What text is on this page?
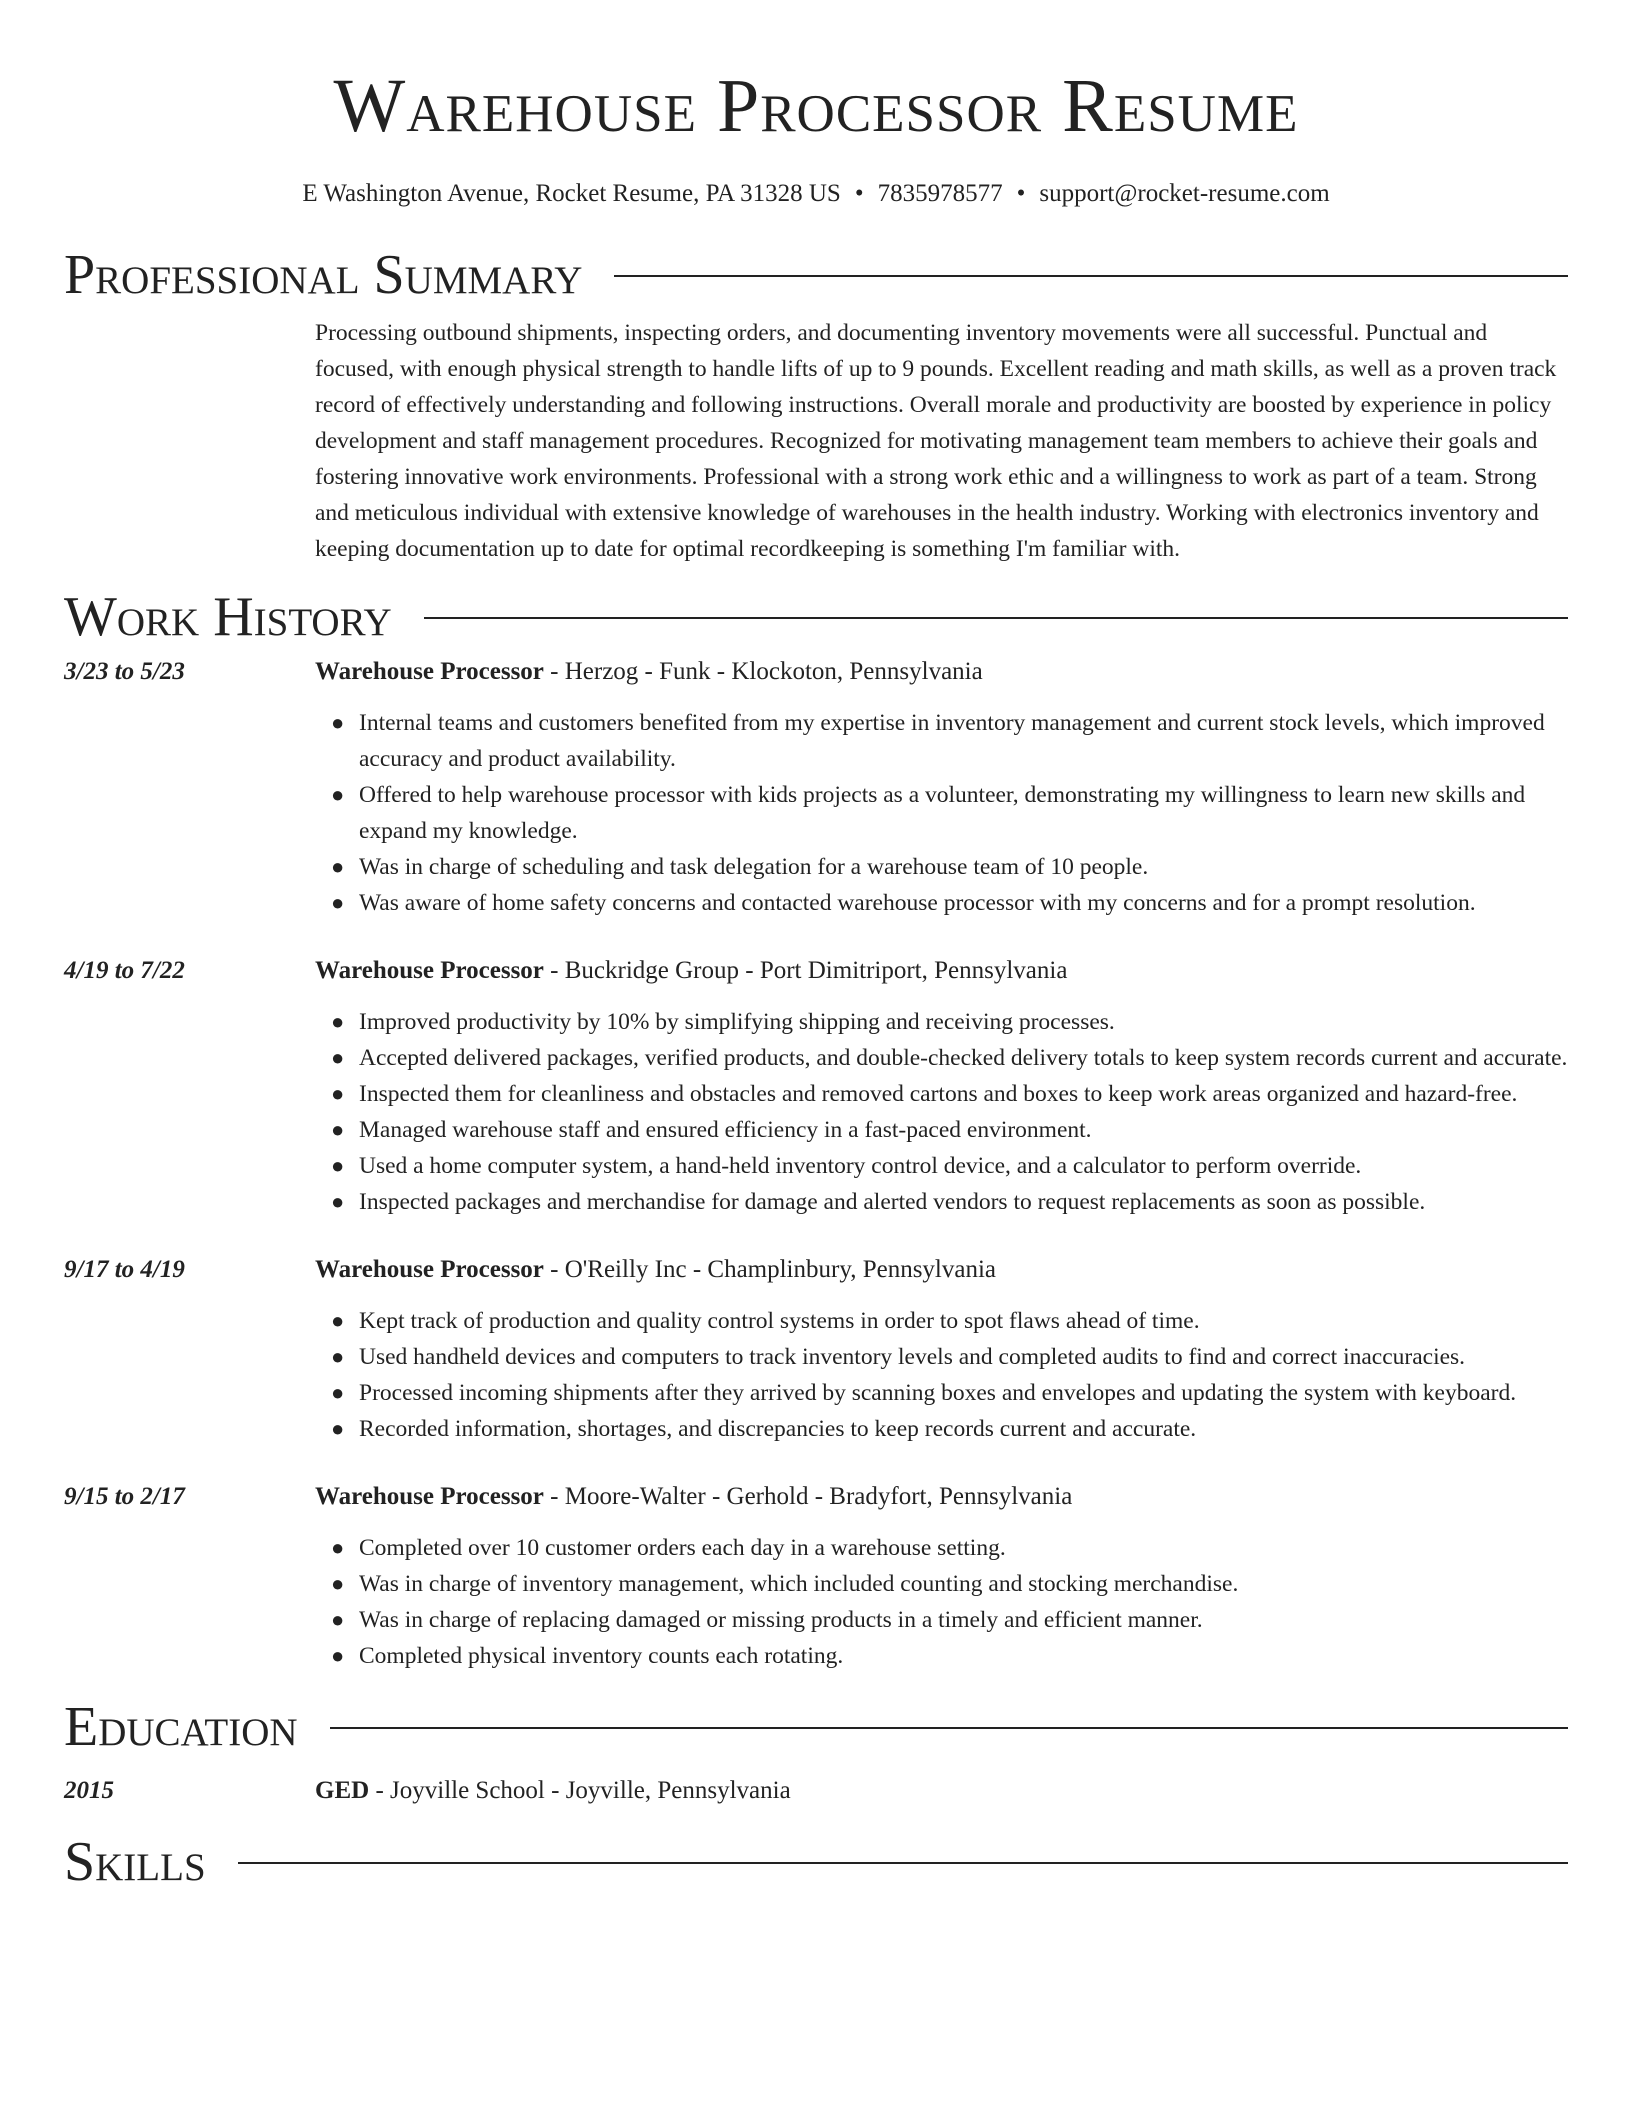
Warehouse Processor Resume
E Washington Avenue, Rocket Resume, PA 31328 US • 7835978577 • support@rocket-resume.com
Professional Summary

Processing outbound shipments, inspecting orders, and documenting inventory movements were all successful. Punctual and focused, with enough physical strength to handle lifts of up to 9 pounds. Excellent reading and math skills, as well as a proven track record of effectively understanding and following instructions. Overall morale and productivity are boosted by experience in policy development and staff management procedures. Recognized for motivating management team members to achieve their goals and fostering innovative work environments. Professional with a strong work ethic and a willingness to work as part of a team. Strong and meticulous individual with extensive knowledge of warehouses in the health industry. Working with electronics inventory and keeping documentation up to date for optimal recordkeeping is something I'm familiar with.

Work History
3/23 to 5/23	Warehouse Processor - Herzog - Funk - Klockoton, Pennsylvania
● Internal teams and customers benefited from my expertise in inventory management and current stock levels, which improved accuracy and product availability.
● Offered to help warehouse processor with kids projects as a volunteer, demonstrating my willingness to learn new skills and expand my knowledge.
● Was in charge of scheduling and task delegation for a warehouse team of 10 people.
● Was aware of home safety concerns and contacted warehouse processor with my concerns and for a prompt resolution.
4/19 to 7/22	Warehouse Processor - Buckridge Group - Port Dimitriport, Pennsylvania
● Improved productivity by 10% by simplifying shipping and receiving processes.
● Accepted delivered packages, verified products, and double-checked delivery totals to keep system records current and accurate.
● Inspected them for cleanliness and obstacles and removed cartons and boxes to keep work areas organized and hazard-free.
● Managed warehouse staff and ensured efficiency in a fast-paced environment.
● Used a home computer system, a hand-held inventory control device, and a calculator to perform override.
● Inspected packages and merchandise for damage and alerted vendors to request replacements as soon as possible.
9/17 to 4/19	Warehouse Processor - O'Reilly Inc - Champlinbury, Pennsylvania
● Kept track of production and quality control systems in order to spot flaws ahead of time.
● Used handheld devices and computers to track inventory levels and completed audits to find and correct inaccuracies.
● Processed incoming shipments after they arrived by scanning boxes and envelopes and updating the system with keyboard.
● Recorded information, shortages, and discrepancies to keep records current and accurate.
9/15 to 2/17	Warehouse Processor - Moore-Walter - Gerhold - Bradyfort, Pennsylvania
● Completed over 10 customer orders each day in a warehouse setting.
● Was in charge of inventory management, which included counting and stocking merchandise.
● Was in charge of replacing damaged or missing products in a timely and efficient manner.
● Completed physical inventory counts each rotating.
Education
2015	GED - Joyville School - Joyville, Pennsylvania
Skills
